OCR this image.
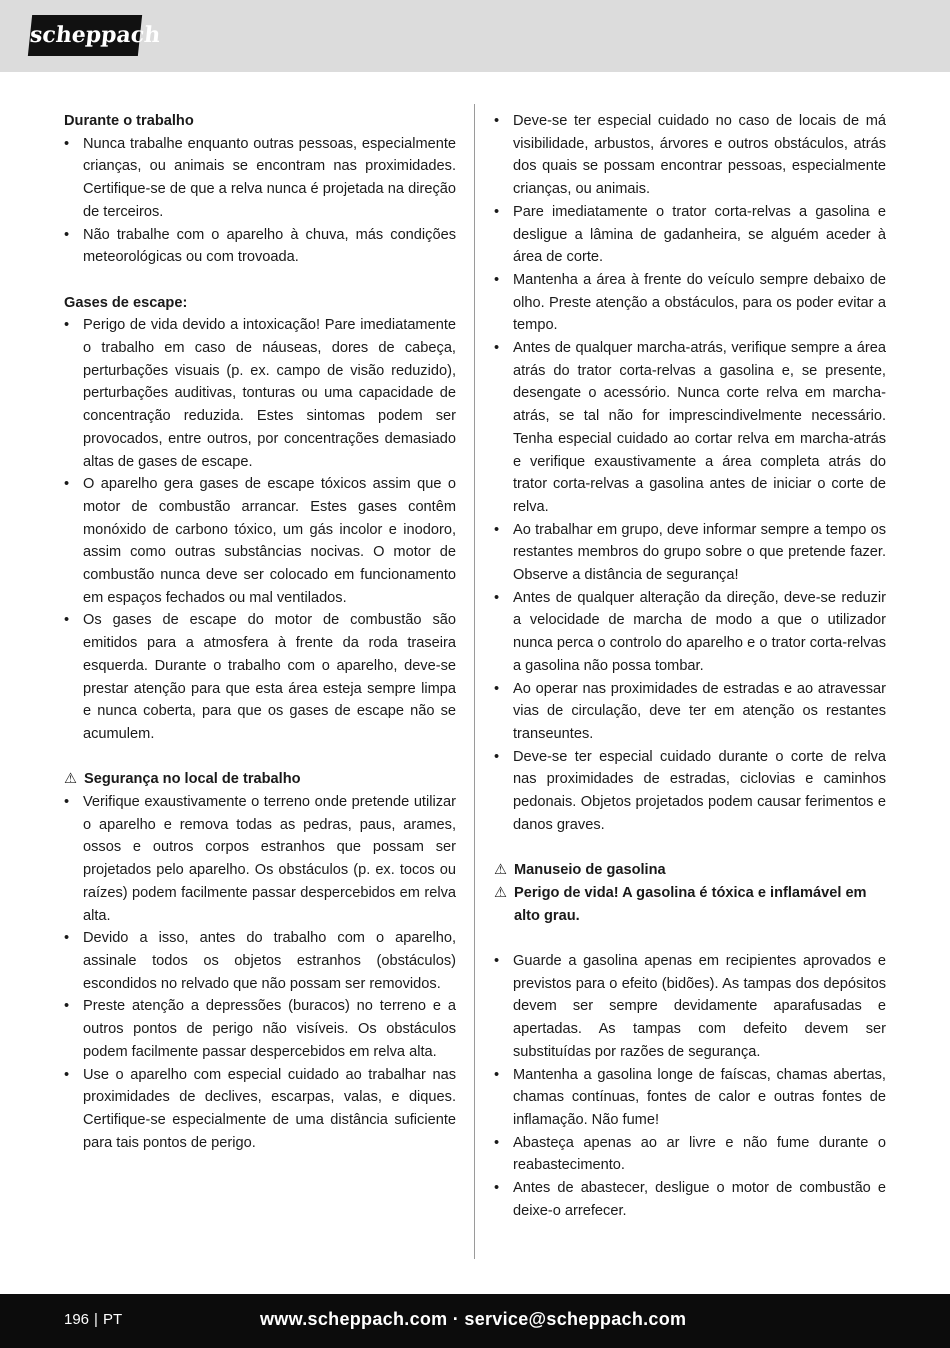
scheppach
Durante o trabalho
• Nunca trabalhe enquanto outras pessoas, especialmente crianças, ou animais se encontram nas proximidades. Certifique-se de que a relva nunca é projetada na direção de terceiros.
• Não trabalhe com o aparelho à chuva, más condições meteorológicas ou com trovoada.
Gases de escape:
• Perigo de vida devido a intoxicação! Pare imediatamente o trabalho em caso de náuseas, dores de cabeça, perturbações visuais (p. ex. campo de visão reduzido), perturbações auditivas, tonturas ou uma capacidade de concentração reduzida. Estes sintomas podem ser provocados, entre outros, por concentrações demasiado altas de gases de escape.
• O aparelho gera gases de escape tóxicos assim que o motor de combustão arrancar. Estes gases contêm monóxido de carbono tóxico, um gás incolor e inodoro, assim como outras substâncias nocivas. O motor de combustão nunca deve ser colocado em funcionamento em espaços fechados ou mal ventilados.
• Os gases de escape do motor de combustão são emitidos para a atmosfera à frente da roda traseira esquerda. Durante o trabalho com o aparelho, deve-se prestar atenção para que esta área esteja sempre limpa e nunca coberta, para que os gases de escape não se acumulem.
⚠ Segurança no local de trabalho
• Verifique exaustivamente o terreno onde pretende utilizar o aparelho e remova todas as pedras, paus, arames, ossos e outros corpos estranhos que possam ser projetados pelo aparelho. Os obstáculos (p. ex. tocos ou raízes) podem facilmente passar despercebidos em relva alta.
• Devido a isso, antes do trabalho com o aparelho, assinale todos os objetos estranhos (obstáculos) escondidos no relvado que não possam ser removidos.
• Preste atenção a depressões (buracos) no terreno e a outros pontos de perigo não visíveis. Os obstáculos podem facilmente passar despercebidos em relva alta.
• Use o aparelho com especial cuidado ao trabalhar nas proximidades de declives, escarpas, valas, e diques. Certifique-se especialmente de uma distância suficiente para tais pontos de perigo.
• Deve-se ter especial cuidado no caso de locais de má visibilidade, arbustos, árvores e outros obstáculos, atrás dos quais se possam encontrar pessoas, especialmente crianças, ou animais.
• Pare imediatamente o trator corta-relvas a gasolina e desligue a lâmina de gadanheira, se alguém aceder à área de corte.
• Mantenha a área à frente do veículo sempre debaixo de olho. Preste atenção a obstáculos, para os poder evitar a tempo.
• Antes de qualquer marcha-atrás, verifique sempre a área atrás do trator corta-relvas a gasolina e, se presente, desengate o acessório. Nunca corte relva em marcha-atrás, se tal não for imprescindivelmente necessário. Tenha especial cuidado ao cortar relva em marcha-atrás e verifique exaustivamente a área completa atrás do trator corta-relvas a gasolina antes de iniciar o corte de relva.
• Ao trabalhar em grupo, deve informar sempre a tempo os restantes membros do grupo sobre o que pretende fazer. Observe a distância de segurança!
• Antes de qualquer alteração da direção, deve-se reduzir a velocidade de marcha de modo a que o utilizador nunca perca o controlo do aparelho e o trator corta-relvas a gasolina não possa tombar.
• Ao operar nas proximidades de estradas e ao atravessar vias de circulação, deve ter em atenção os restantes transeuntes.
• Deve-se ter especial cuidado durante o corte de relva nas proximidades de estradas, ciclovias e caminhos pedonais. Objetos projetados podem causar ferimentos e danos graves.
⚠ Manuseio de gasolina
⚠ Perigo de vida! A gasolina é tóxica e inflamável em alto grau.
• Guarde a gasolina apenas em recipientes aprovados e previstos para o efeito (bidões). As tampas dos depósitos devem ser sempre devidamente aparafusadas e apertadas. As tampas com defeito devem ser substituídas por razões de segurança.
• Mantenha a gasolina longe de faíscas, chamas abertas, chamas contínuas, fontes de calor e outras fontes de inflamação. Não fume!
• Abasteça apenas ao ar livre e não fume durante o reabastecimento.
• Antes de abastecer, desligue o motor de combustão e deixe-o arrefecer.
196 | PT	www.scheppach.com · service@scheppach.com
